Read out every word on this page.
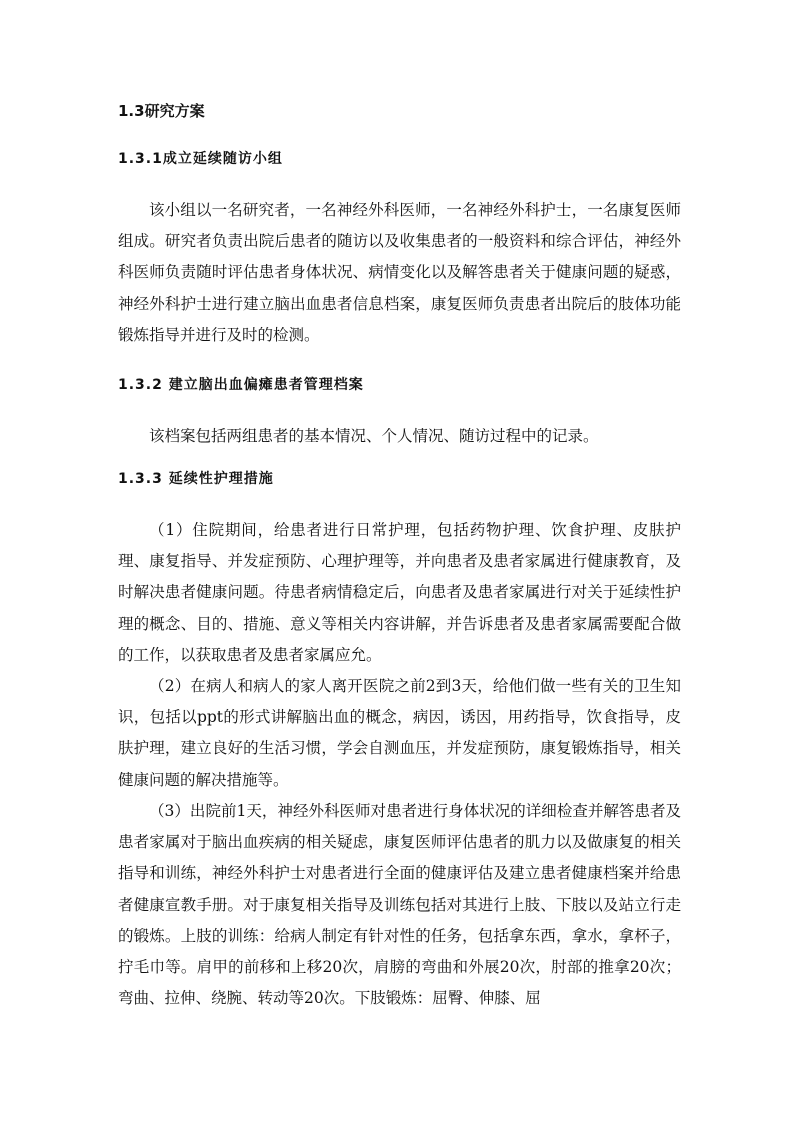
1.3研究方案
1.3.1成立延续随访小组

该小组以一名研究者，一名神经外科医师，一名神经外科护士，一名康复医师组成。研究者负责出院后患者的随访以及收集患者的一般资料和综合评估，神经外科医师负责随时评估患者身体状况、病情变化以及解答患者关于健康问题的疑惑，神经外科护士进行建立脑出血患者信息档案，康复医师负责患者出院后的肢体功能锻炼指导并进行及时的检测。

1.3.2 建立脑出血偏瘫患者管理档案

该档案包括两组患者的基本情况、个人情况、随访过程中的记录。

1.3.3 延续性护理措施

（1）住院期间，给患者进行日常护理，包括药物护理、饮食护理、皮肤护理、康复指导、并发症预防、心理护理等，并向患者及患者家属进行健康教育，及时解决患者健康问题。待患者病情稳定后，向患者及患者家属进行对关于延续性护理的概念、目的、措施、意义等相关内容讲解，并告诉患者及患者家属需要配合做的工作，以获取患者及患者家属应允。

（2）在病人和病人的家人离开医院之前2到3天，给他们做一些有关的卫生知识，包括以ppt的形式讲解脑出血的概念，病因，诱因，用药指导，饮食指导，皮肤护理，建立良好的生活习惯，学会自测血压，并发症预防，康复锻炼指导，相关健康问题的解决措施等。

（3）出院前1天，神经外科医师对患者进行身体状况的详细检查并解答患者及患者家属对于脑出血疾病的相关疑虑，康复医师评估患者的肌力以及做康复的相关指导和训练，神经外科护士对患者进行全面的健康评估及建立患者健康档案并给患者健康宣教手册。对于康复相关指导及训练包括对其进行上肢、下肢以及站立行走的锻炼。上肢的训练：给病人制定有针对性的任务，包括拿东西，拿水，拿杯子，拧毛巾等。肩甲的前移和上移20次，肩膀的弯曲和外展20次，肘部的推拿20次；弯曲、拉伸、绕腕、转动等20次。下肢锻炼：屈臀、伸膝、屈
